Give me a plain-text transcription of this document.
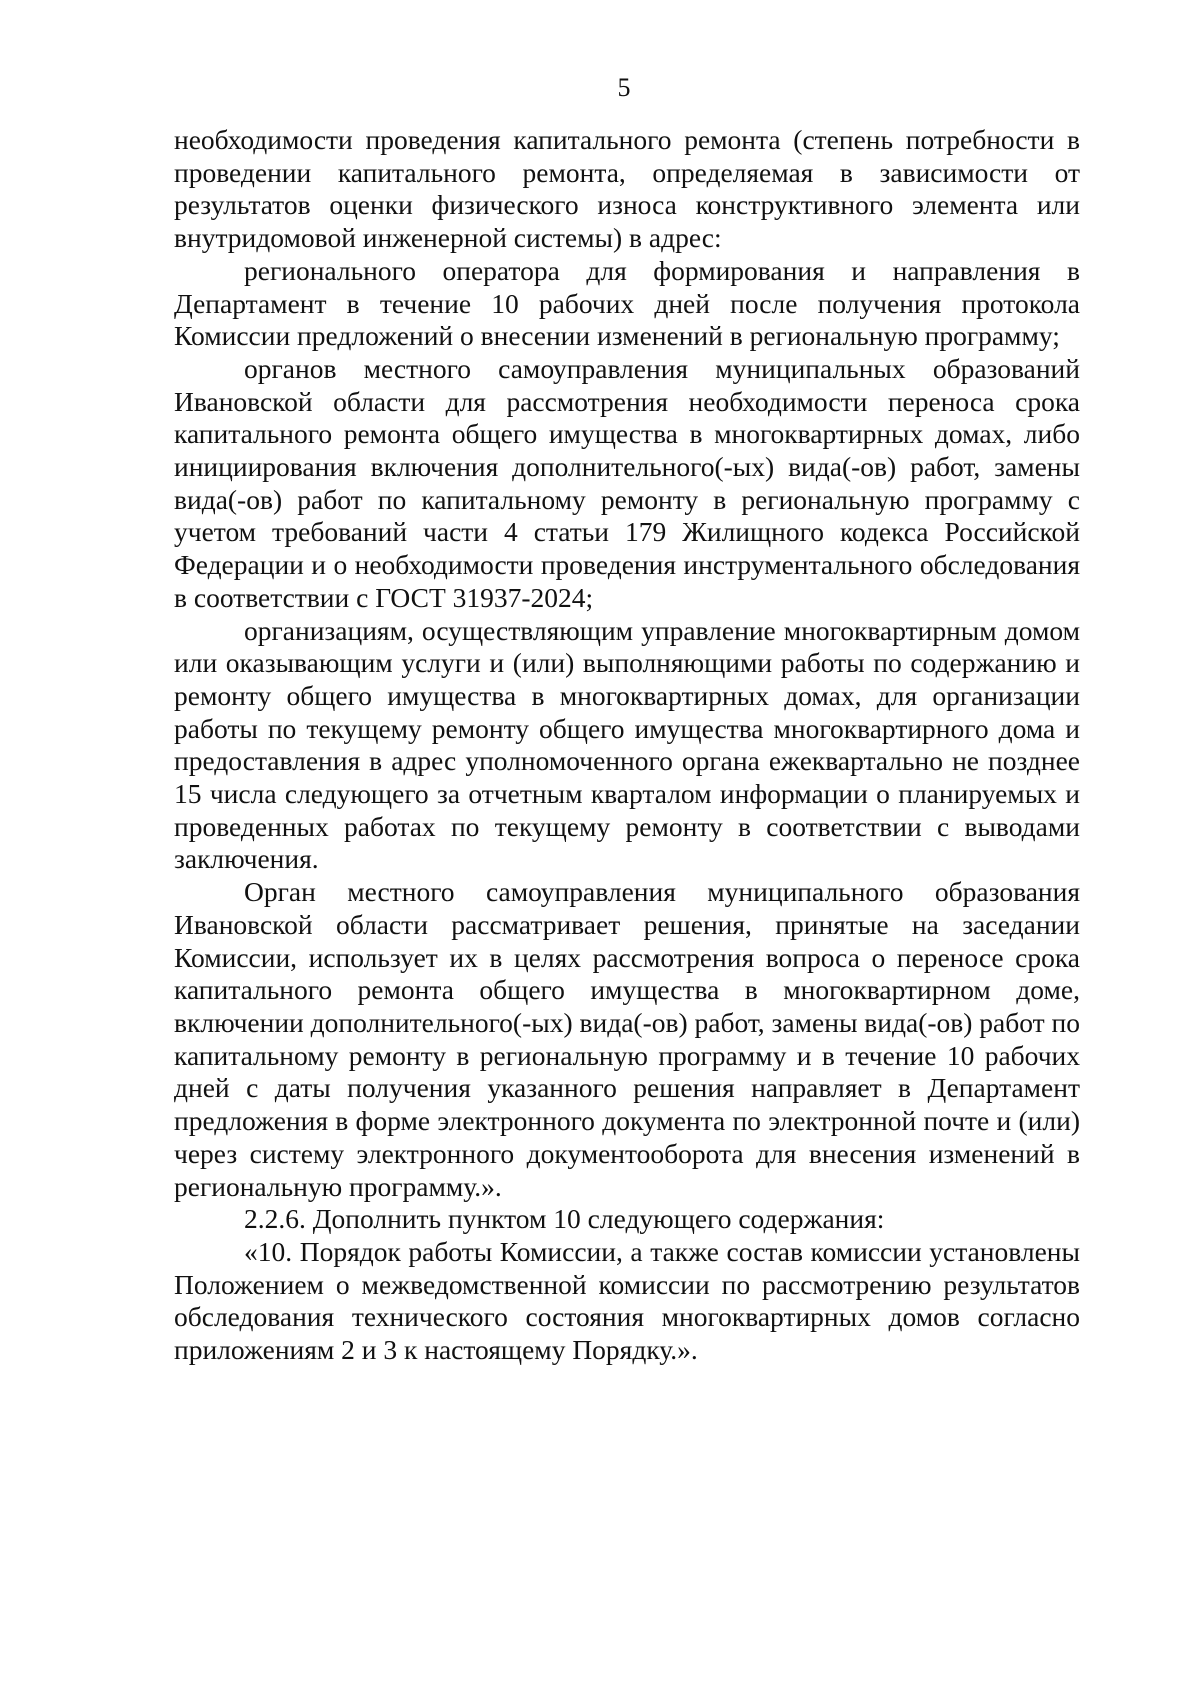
5

необходимости проведения капитального ремонта (степень потребности в проведении капитального ремонта, определяемая в зависимости от результатов оценки физического износа конструктивного элемента или внутридомовой инженерной системы) в адрес:

регионального оператора для формирования и направления в Департамент в течение 10 рабочих дней после получения протокола Комиссии предложений о внесении изменений в региональную программу;

органов местного самоуправления муниципальных образований Ивановской области для рассмотрения необходимости переноса срока капитального ремонта общего имущества в многоквартирных домах, либо инициирования включения дополнительного(-ых) вида(-ов) работ, замены вида(-ов) работ по капитальному ремонту в региональную программу с учетом требований части 4 статьи 179 Жилищного кодекса Российской Федерации и о необходимости проведения инструментального обследования в соответствии с ГОСТ 31937-2024;

организациям, осуществляющим управление многоквартирным домом или оказывающим услуги и (или) выполняющими работы по содержанию и ремонту общего имущества в многоквартирных домах, для организации работы по текущему ремонту общего имущества многоквартирного дома и предоставления в адрес уполномоченного органа ежеквартально не позднее 15 числа следующего за отчетным кварталом информации о планируемых и проведенных работах по текущему ремонту в соответствии с выводами заключения.

Орган местного самоуправления муниципального образования Ивановской области рассматривает решения, принятые на заседании Комиссии, использует их в целях рассмотрения вопроса о переносе срока капитального ремонта общего имущества в многоквартирном доме, включении дополнительного(-ых) вида(-ов) работ, замены вида(-ов) работ по капитальному ремонту в региональную программу и в течение 10 рабочих дней с даты получения указанного решения направляет в Департамент предложения в форме электронного документа по электронной почте и (или) через систему электронного документооборота для внесения изменений в региональную программу.».

2.2.6. Дополнить пунктом 10 следующего содержания:

«10. Порядок работы Комиссии, а также состав комиссии установлены Положением о межведомственной комиссии по рассмотрению результатов обследования технического состояния многоквартирных домов согласно приложениям 2 и 3 к настоящему Порядку.».
